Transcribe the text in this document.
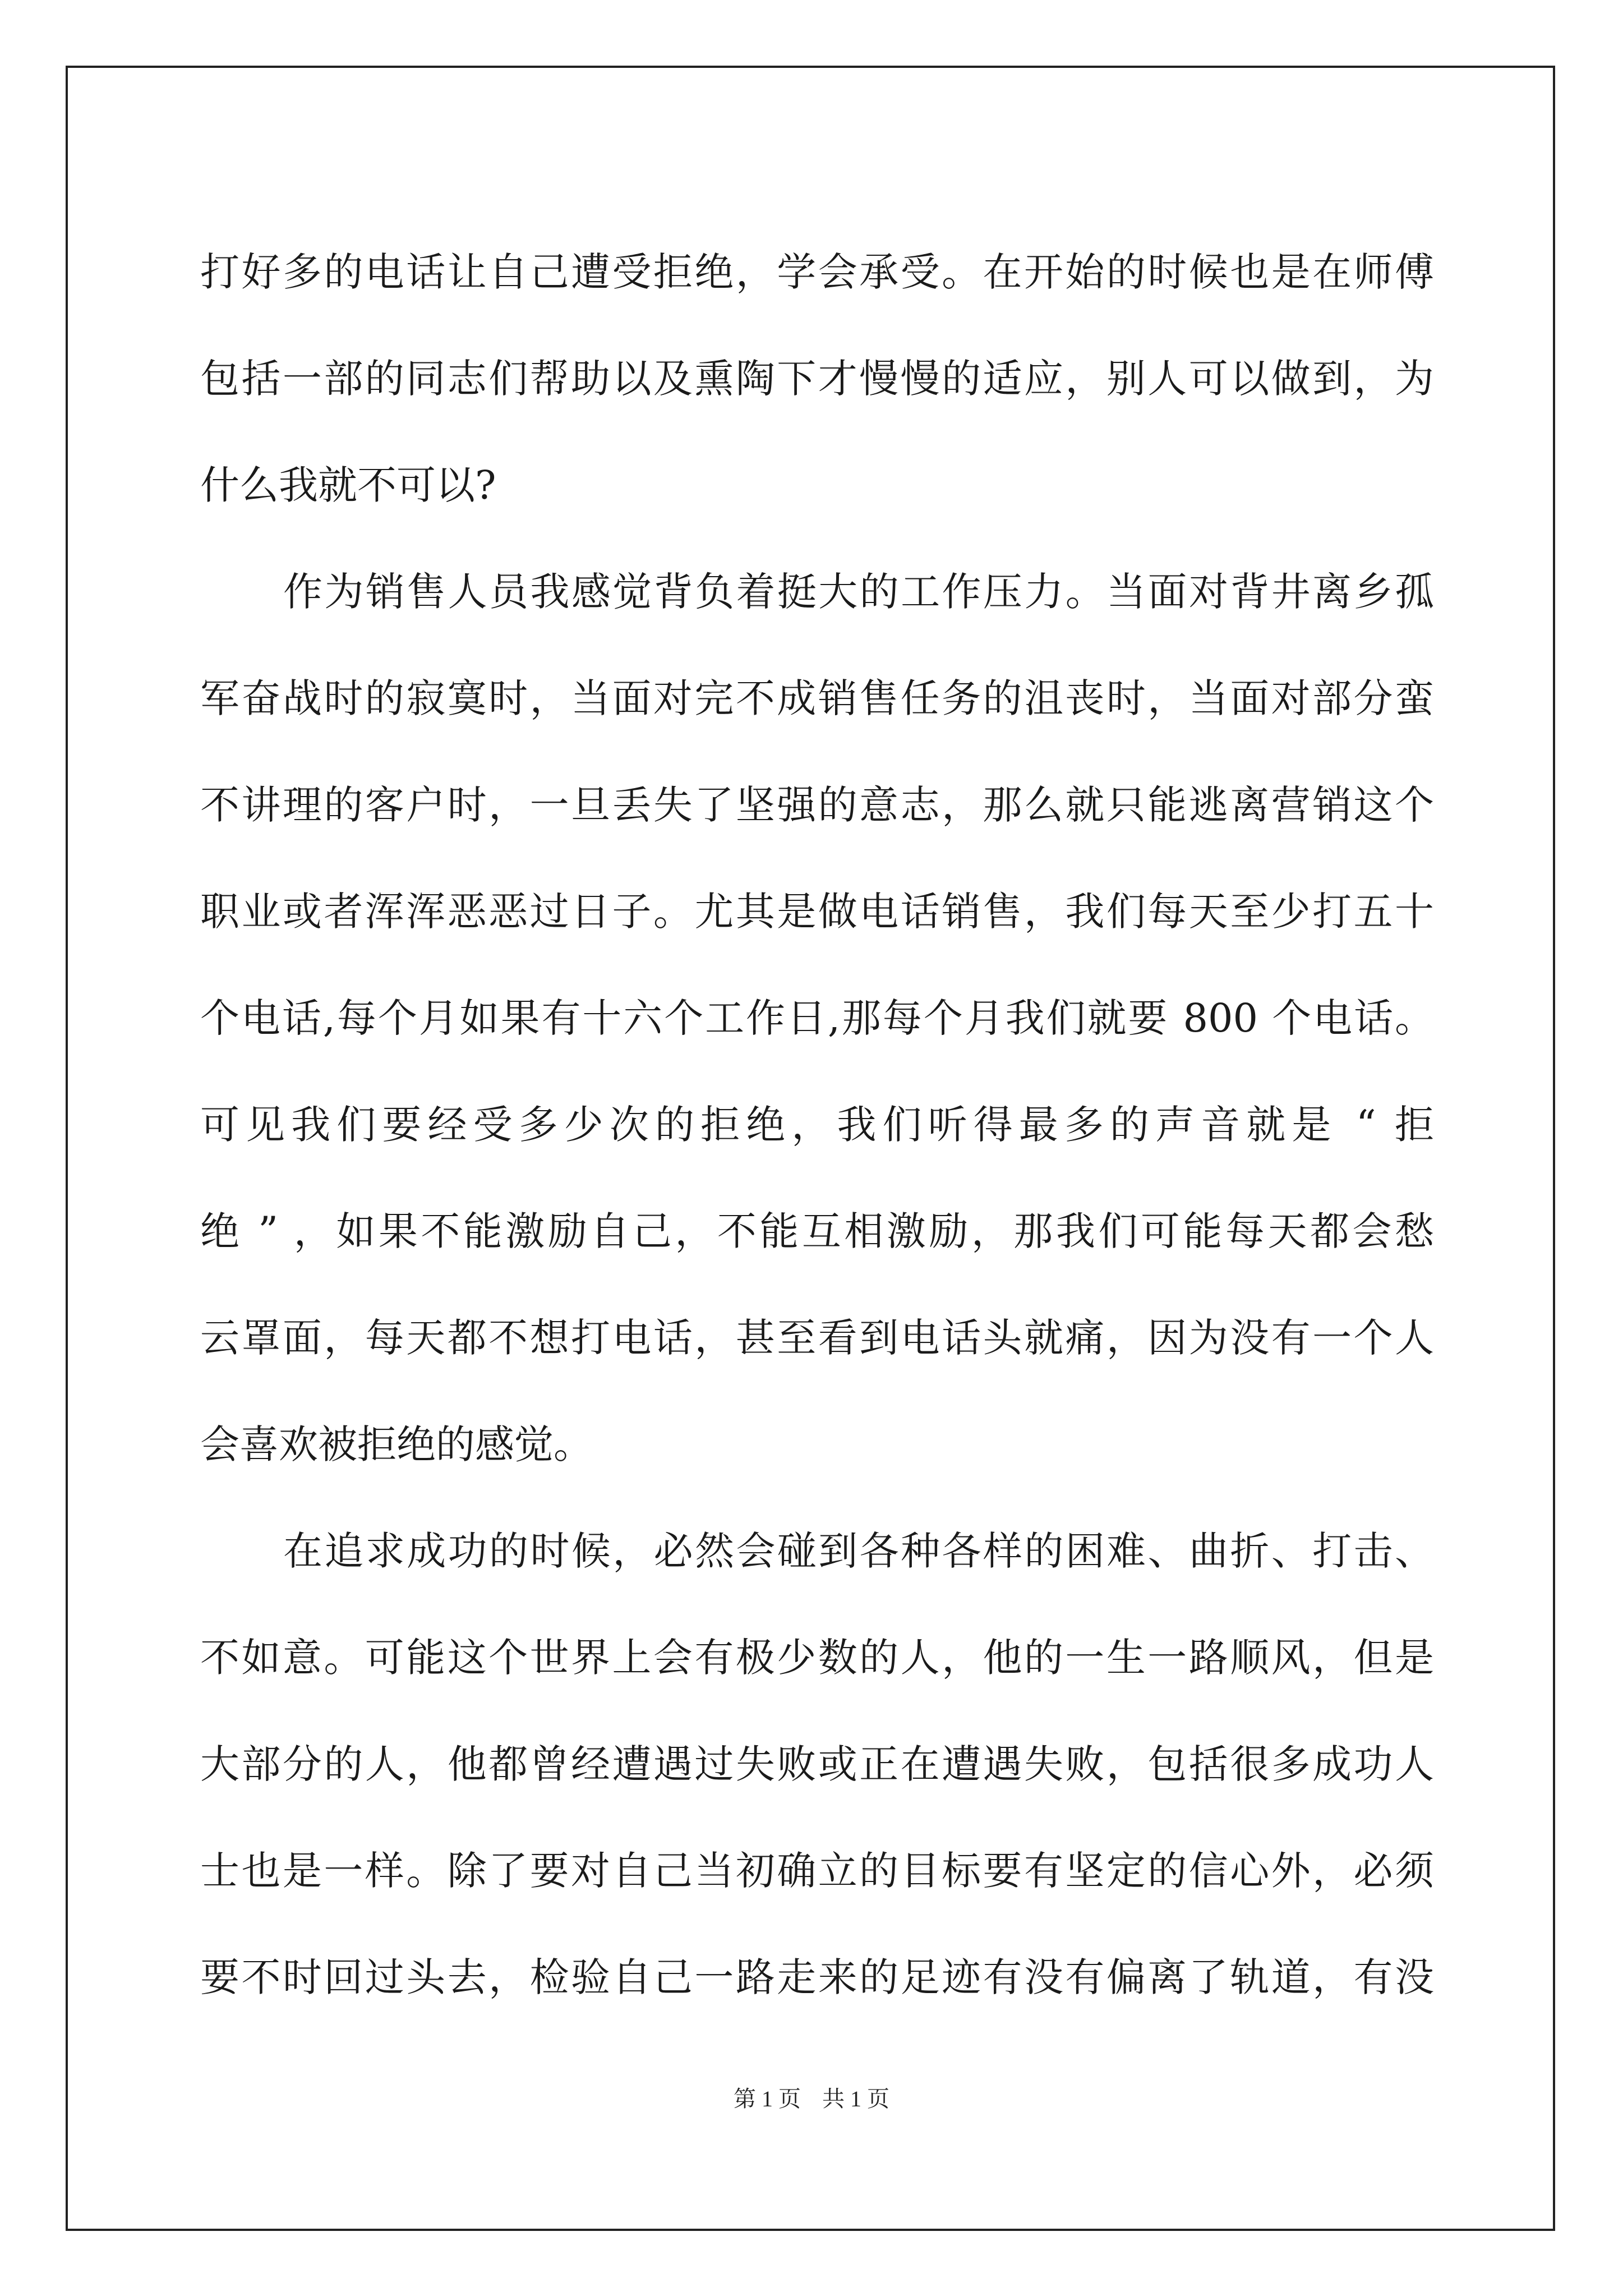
打好多的电话让自己遭受拒绝，学会承受。在开始的时候也是在师傅

包括一部的同志们帮助以及熏陶下才慢慢的适应，别人可以做到，为

什么我就不可以?

作为销售人员我感觉背负着挺大的工作压力。当面对背井离乡孤

军奋战时的寂寞时，当面对完不成销售任务的沮丧时，当面对部分蛮

不讲理的客户时，一旦丢失了坚强的意志，那么就只能逃离营销这个

职业或者浑浑恶恶过日子。尤其是做电话销售，我们每天至少打五十

个电话,每个月如果有十六个工作日,那每个月我们就要 800 个电话。

可见我们要经受多少次的拒绝，我们听得最多的声音就是 “ 拒

绝 ” ，如果不能激励自己，不能互相激励，那我们可能每天都会愁

云罩面，每天都不想打电话，甚至看到电话头就痛，因为没有一个人

会喜欢被拒绝的感觉。

在追求成功的时候，必然会碰到各种各样的困难、曲折、打击、

不如意。可能这个世界上会有极少数的人，他的一生一路顺风，但是

大部分的人，他都曾经遭遇过失败或正在遭遇失败，包括很多成功人

士也是一样。除了要对自己当初确立的目标要有坚定的信心外，必须

要不时回过头去，检验自己一路走来的足迹有没有偏离了轨道，有没

第 1 页 共 1 页
